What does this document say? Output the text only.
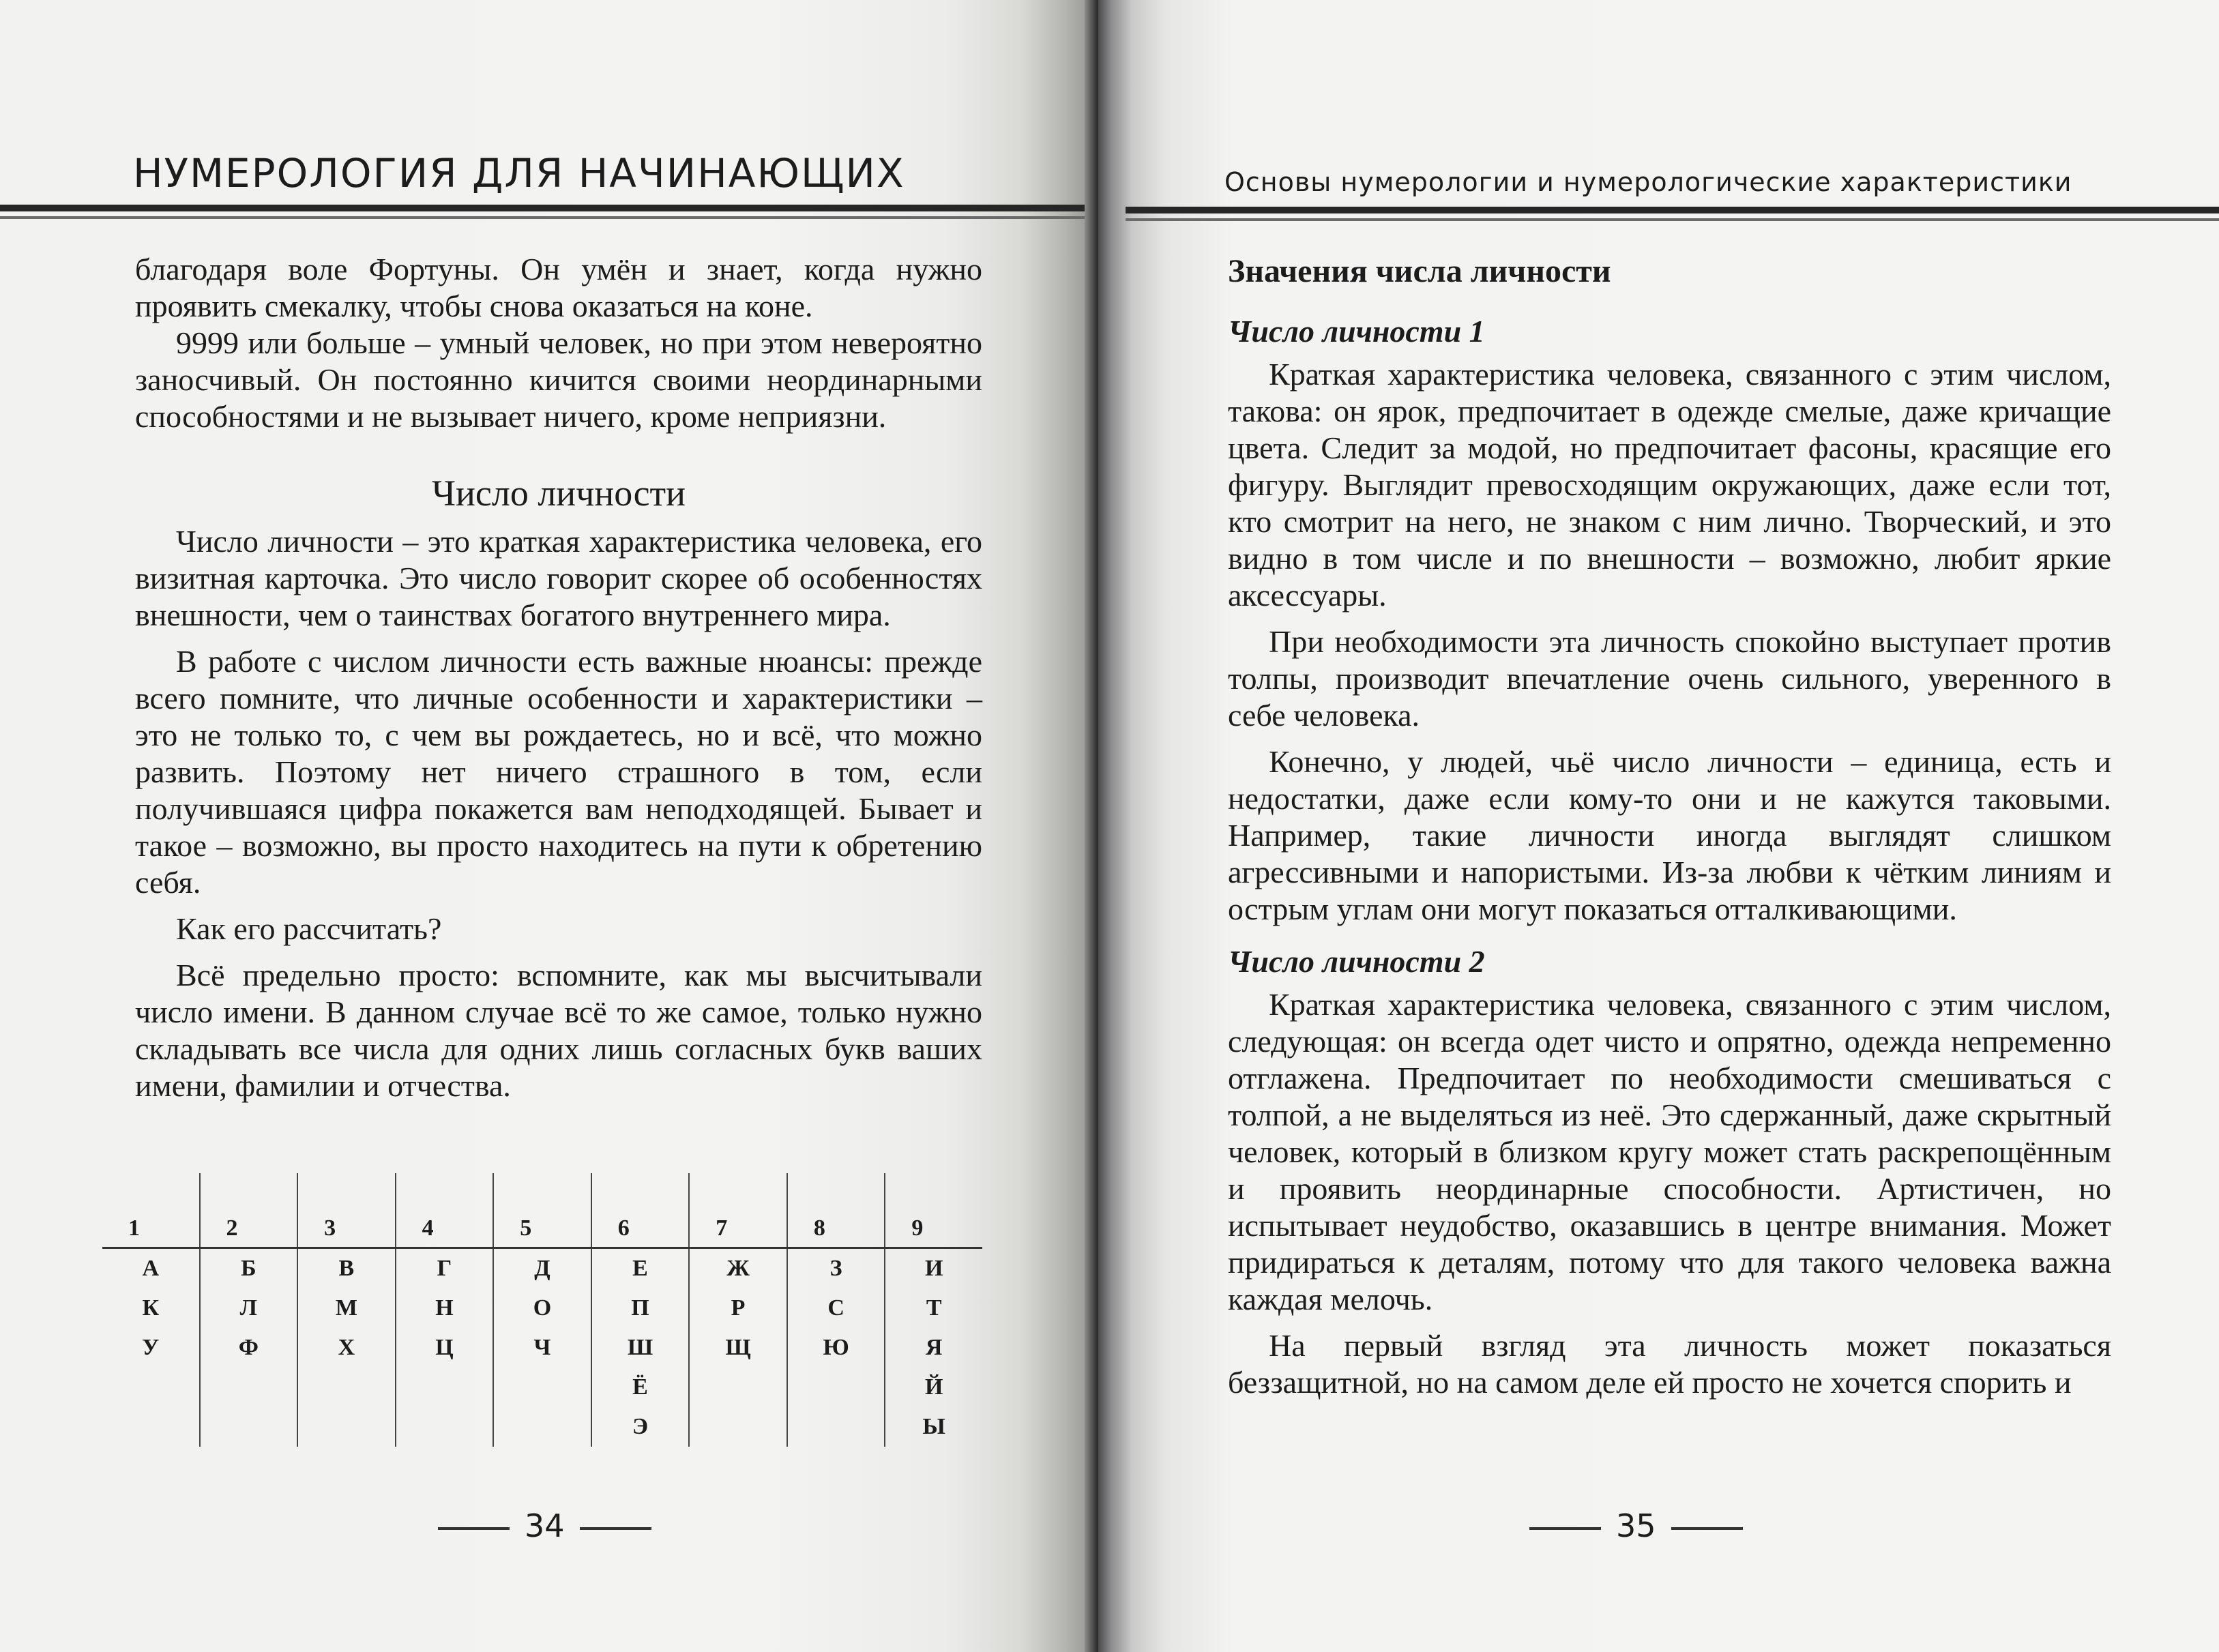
НУМЕРОЛОГИЯ ДЛЯ НАЧИНАЮЩИХ

благодаря воле Фортуны. Он умён и знает, когда нужно проявить смекалку, чтобы снова оказаться на коне.

9999 или больше – умный человек, но при этом невероятно заносчивый. Он постоянно кичится своими неординарными способностями и не вызывает ничего, кроме неприязни.

Число личности

Число личности – это краткая характеристика человека, его визитная карточка. Это число говорит скорее об особенностях внешности, чем о таинствах богатого внутреннего мира.

В работе с числом личности есть важные нюансы: прежде всего помните, что личные особенности и характеристики – это не только то, с чем вы рождаетесь, но и всё, что можно развить. Поэтому нет ничего страшного в том, если получившаяся цифра покажется вам неподходящей. Бывает и такое – возможно, вы просто находитесь на пути к обретению себя.

Как его рассчитать?

Всё предельно просто: вспомните, как мы высчитывали число имени. В данном случае всё то же самое, только нужно складывать все числа для одних лишь согласных букв ваших имени, фамилии и отчества.

1	2	3	4	5	6	7	8	9
А	Б	В	Г	Д	Е	Ж	З	И
К	Л	М	Н	О	П	Р	С	Т
У	Ф	Х	Ц	Ч	Ш	Щ	Ю	Я
					Ё			Й
					Э			Ы
34
Основы нумерологии и нумерологические характеристики

Значения числа личности

Число личности 1

Краткая характеристика человека, связанного с этим числом, такова: он ярок, предпочитает в одежде смелые, даже кричащие цвета. Следит за модой, но предпочитает фасоны, красящие его фигуру. Выглядит превосходящим окружающих, даже если тот, кто смотрит на него, не знаком с ним лично. Творческий, и это видно в том числе и по внешности – возможно, любит яркие аксессуары.

При необходимости эта личность спокойно выступает против толпы, производит впечатление очень сильного, уверенного в себе человека.

Конечно, у людей, чьё число личности – единица, есть и недостатки, даже если кому-то они и не кажутся таковыми. Например, такие личности иногда выглядят слишком агрессивными и напористыми. Из-за любви к чётким линиям и острым углам они могут показаться отталкивающими.

Число личности 2

Краткая характеристика человека, связанного с этим числом, следующая: он всегда одет чисто и опрятно, одежда непременно отглажена. Предпочитает по необходимости смешиваться с толпой, а не выделяться из неё. Это сдержанный, даже скрытный человек, который в близком кругу может стать раскрепощённым и проявить неординарные способности. Артистичен, но испытывает неудобство, оказавшись в центре внимания. Может придираться к деталям, потому что для такого человека важна каждая мелочь.

На первый взгляд эта личность может показаться беззащитной, но на самом деле ей просто не хочется спорить и

35
